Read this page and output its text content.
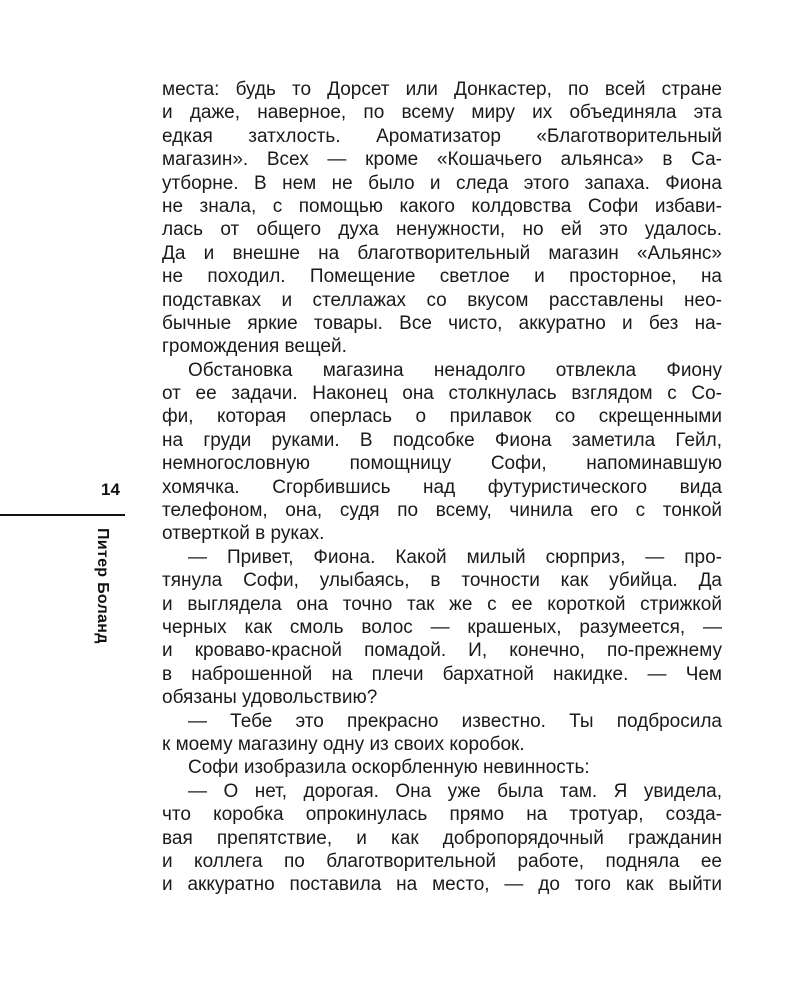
14
Питер Боланд
места: будь то Дорсет или Донкастер, по всей стране
и даже, наверное, по всему миру их объединяла эта
едкая затхлость. Ароматизатор «Благотворительный
магазин». Всех — кроме «Кошачьего альянса» в Са-
утборне. В нем не было и следа этого запаха. Фиона
не знала, с помощью какого колдовства Софи избави-
лась от общего духа ненужности, но ей это удалось.
Да и внешне на благотворительный магазин «Альянс»
не походил. Помещение светлое и просторное, на
подставках и стеллажах со вкусом расставлены нео-
бычные яркие товары. Все чисто, аккуратно и без на-
громождения вещей.
Обстановка магазина ненадолго отвлекла Фиону
от ее задачи. Наконец она столкнулась взглядом с Со-
фи, которая оперлась о прилавок со скрещенными
на груди руками. В подсобке Фиона заметила Гейл,
немногословную помощницу Софи, напоминавшую
хомячка. Сгорбившись над футуристического вида
телефоном, она, судя по всему, чинила его с тонкой
отверткой в руках.
— Привет, Фиона. Какой милый сюрприз, — про-
тянула Софи, улыбаясь, в точности как убийца. Да
и выглядела она точно так же с ее короткой стрижкой
черных как смоль волос — крашеных, разумеется, —
и кроваво-красной помадой. И, конечно, по-прежнему
в наброшенной на плечи бархатной накидке. — Чем
обязаны удовольствию?
— Тебе это прекрасно известно. Ты подбросила
к моему магазину одну из своих коробок.
Софи изобразила оскорбленную невинность:
— О нет, дорогая. Она уже была там. Я увидела,
что коробка опрокинулась прямо на тротуар, созда-
вая препятствие, и как добропорядочный гражданин
и коллега по благотворительной работе, подняла ее
и аккуратно поставила на место, — до того как выйти
